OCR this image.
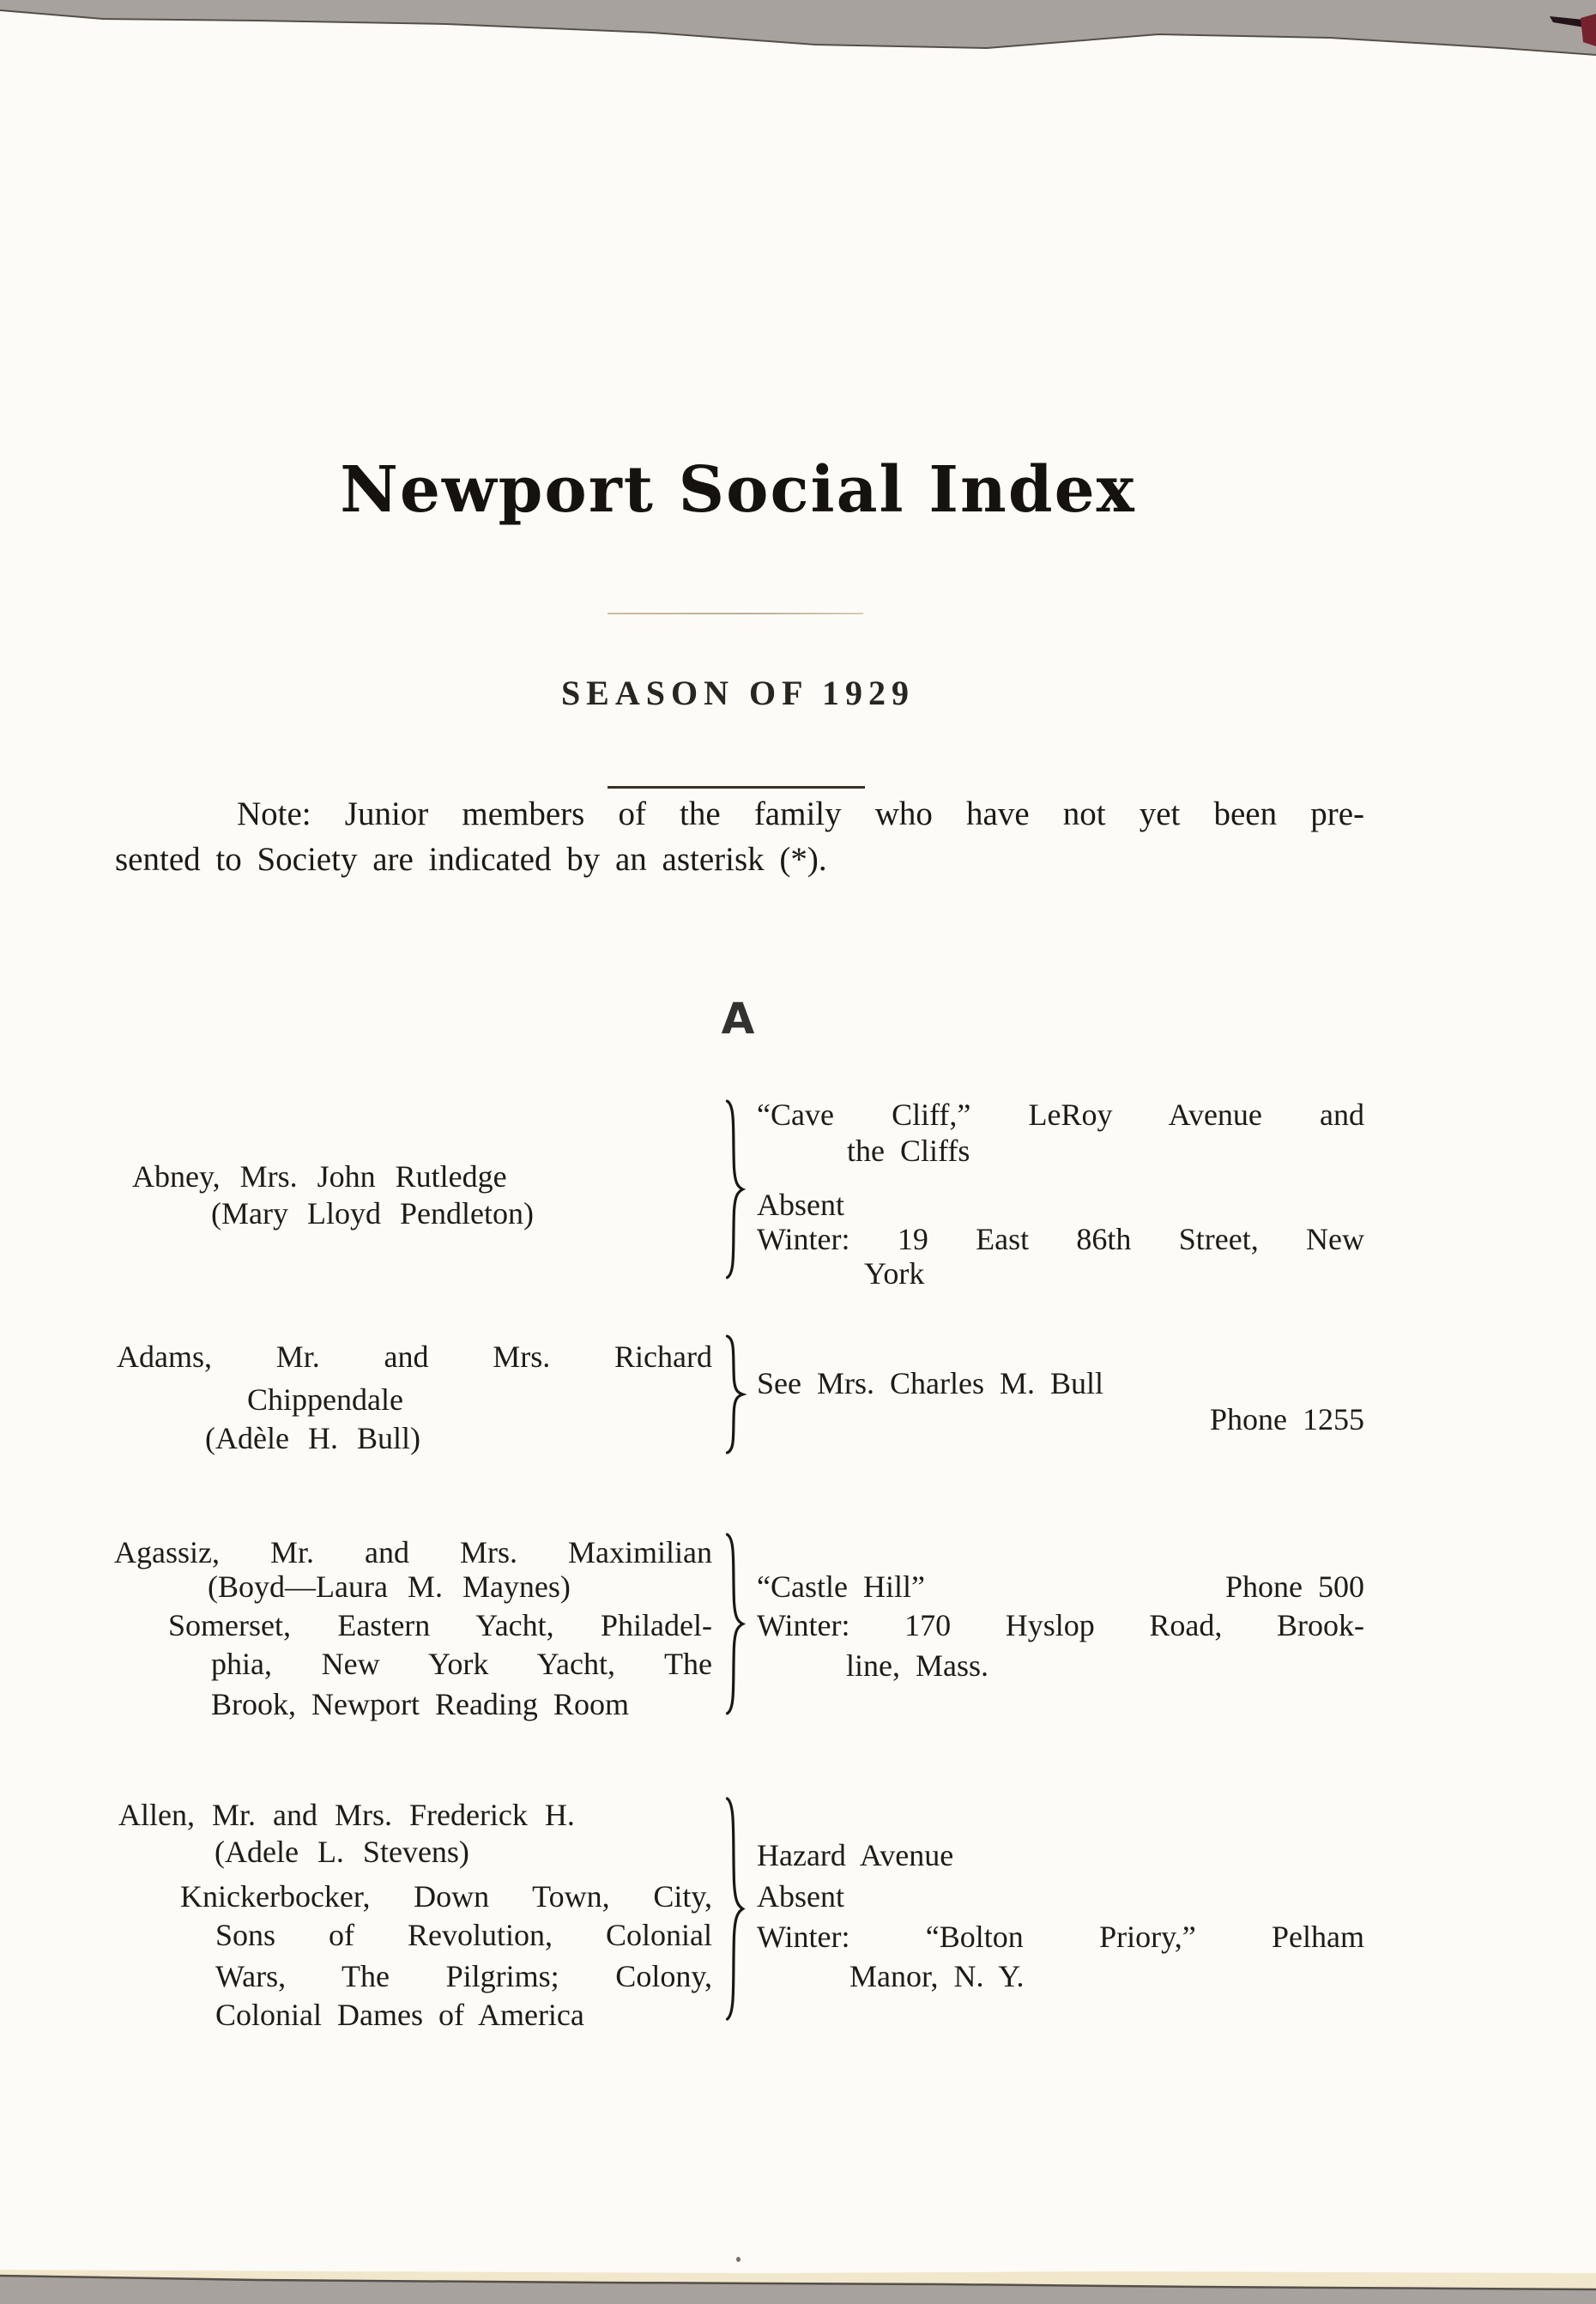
Newport Social Index
SEASON OF 1929
Note: Junior members of the family who have not yet been pre-
sented to Society are indicated by an asterisk (*).
A
Abney, Mrs. John Rutledge
(Mary Lloyd Pendleton)
“Cave Cliff,” LeRoy Avenue and
the Cliffs
Absent
Winter: 19 East 86th Street, New
York
Adams, Mr. and Mrs. Richard
Chippendale
(Adèle H. Bull)
See Mrs. Charles M. Bull
Phone 1255
Agassiz, Mr. and Mrs. Maximilian
(Boyd—Laura M. Maynes)
Somerset, Eastern Yacht, Philadel-
phia, New York Yacht, The
Brook, Newport Reading Room
“Castle Hill”	Phone 500
Winter: 170 Hyslop Road, Brook-
line, Mass.
Allen, Mr. and Mrs. Frederick H.
(Adele L. Stevens)
Knickerbocker, Down Town, City,
Sons of Revolution, Colonial
Wars, The Pilgrims; Colony,
Colonial Dames of America
Hazard Avenue
Absent
Winter: “Bolton Priory,” Pelham
Manor, N. Y.
